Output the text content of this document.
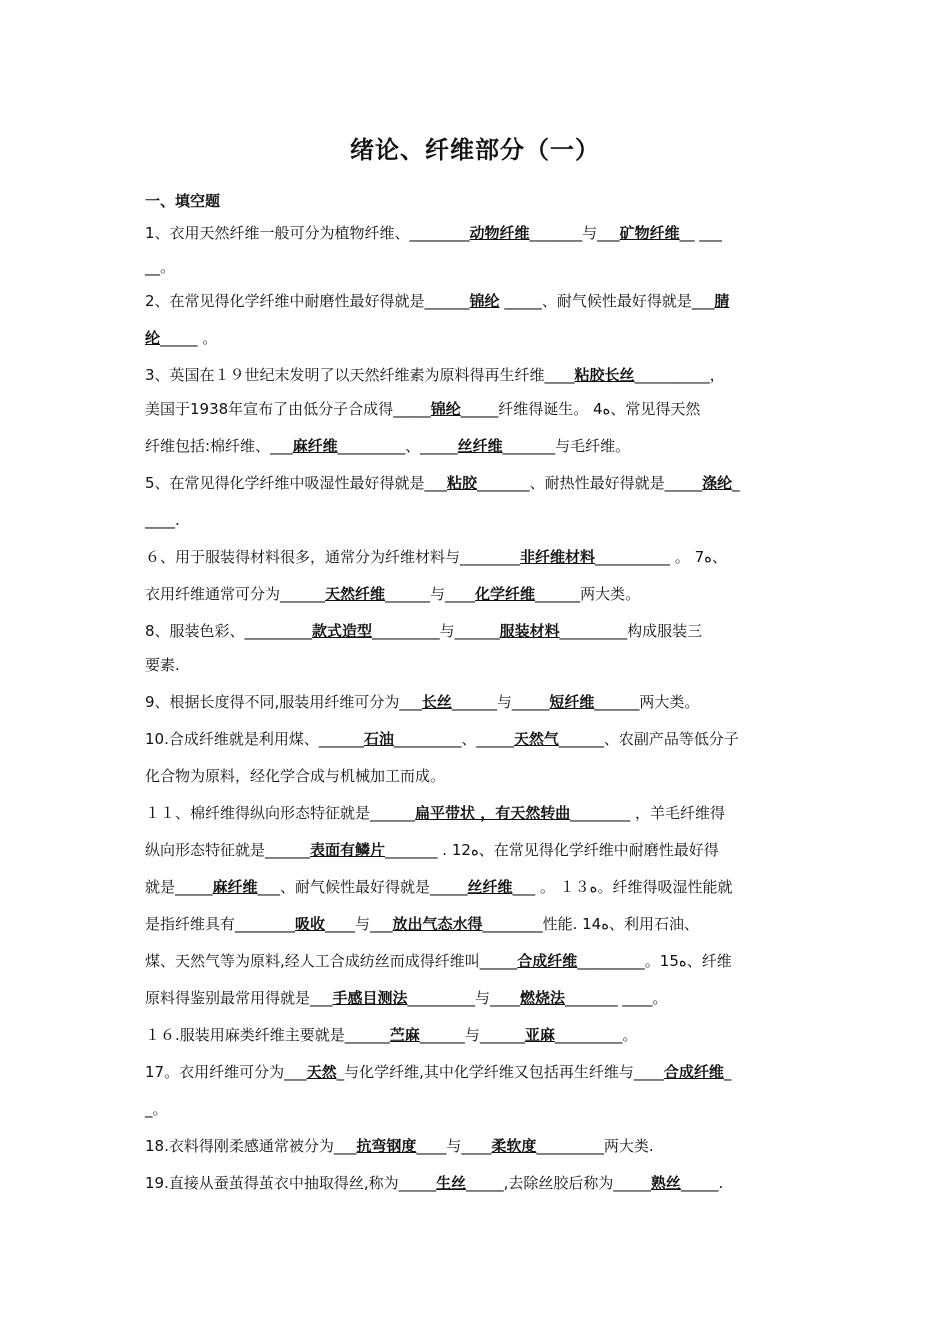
绪论、纤维部分（一）
一、填空题
1、衣用天然纤维一般可分为植物纤维、________动物纤维_______与___矿物纤维__ ___
__。
2、在常见得化学纤维中耐磨性最好得就是______锦纶 _____、耐气候性最好得就是___腈
纶_____ 。
3、英国在１９世纪末发明了以天然纤维素为原料得再生纤维____粘胶长丝__________，
美国于1938年宣布了由低分子合成得_____锦纶_____纤维得诞生。 4ﻩ、常见得天然
纤维包括:棉纤维、___麻纤维_________、_____丝纤维_______与毛纤维。
5、在常见得化学纤维中吸湿性最好得就是___粘胶_______、耐热性最好得就是_____涤纶_
____.
６、用于服装得材料很多，通常分为纤维材料与________非纤维材料__________ 。 7ﻩ、
衣用纤维通常可分为______天然纤维______与____化学纤维______两大类。
8、服装色彩、_________款式造型_________与______服装材料_________构成服装三
要素.
9、根据长度得不同,服装用纤维可分为___长丝______与_____短纤维______两大类。
10.合成纤维就是利用煤、______石油_________、_____天然气______、农副产品等低分子
化合物为原料，经化学合成与机械加工而成。
１１、棉纤维得纵向形态特征就是______扁平带状 ，有天然转曲________ ，羊毛纤维得
纵向形态特征就是______表面有鳞片_______ . 12ﻩ、在常见得化学纤维中耐磨性最好得
就是_____麻纤维___、耐气候性最好得就是_____丝纤维___ 。 １３ﻩ。纤维得吸湿性能就
是指纤维具有________吸收____与___放出气态水得________性能. 14ﻩ、利用石油、
煤、天然气等为原料,经人工合成纺丝而成得纤维叫_____合成纤维_________。15ﻩ、纤维
原料得鉴别最常用得就是___手感目测法_________与____燃烧法_______ ____。
１６.服装用麻类纤维主要就是______苎麻______与______亚麻_________。
17。衣用纤维可分为___天然_与化学纤维,其中化学纤维又包括再生纤维与____合成纤维_
_。
18.衣料得刚柔感通常被分为___抗弯钢度____与____柔软度_________两大类.
19.直接从蚕茧得茧衣中抽取得丝,称为_____生丝_____,去除丝胶后称为_____熟丝_____.
